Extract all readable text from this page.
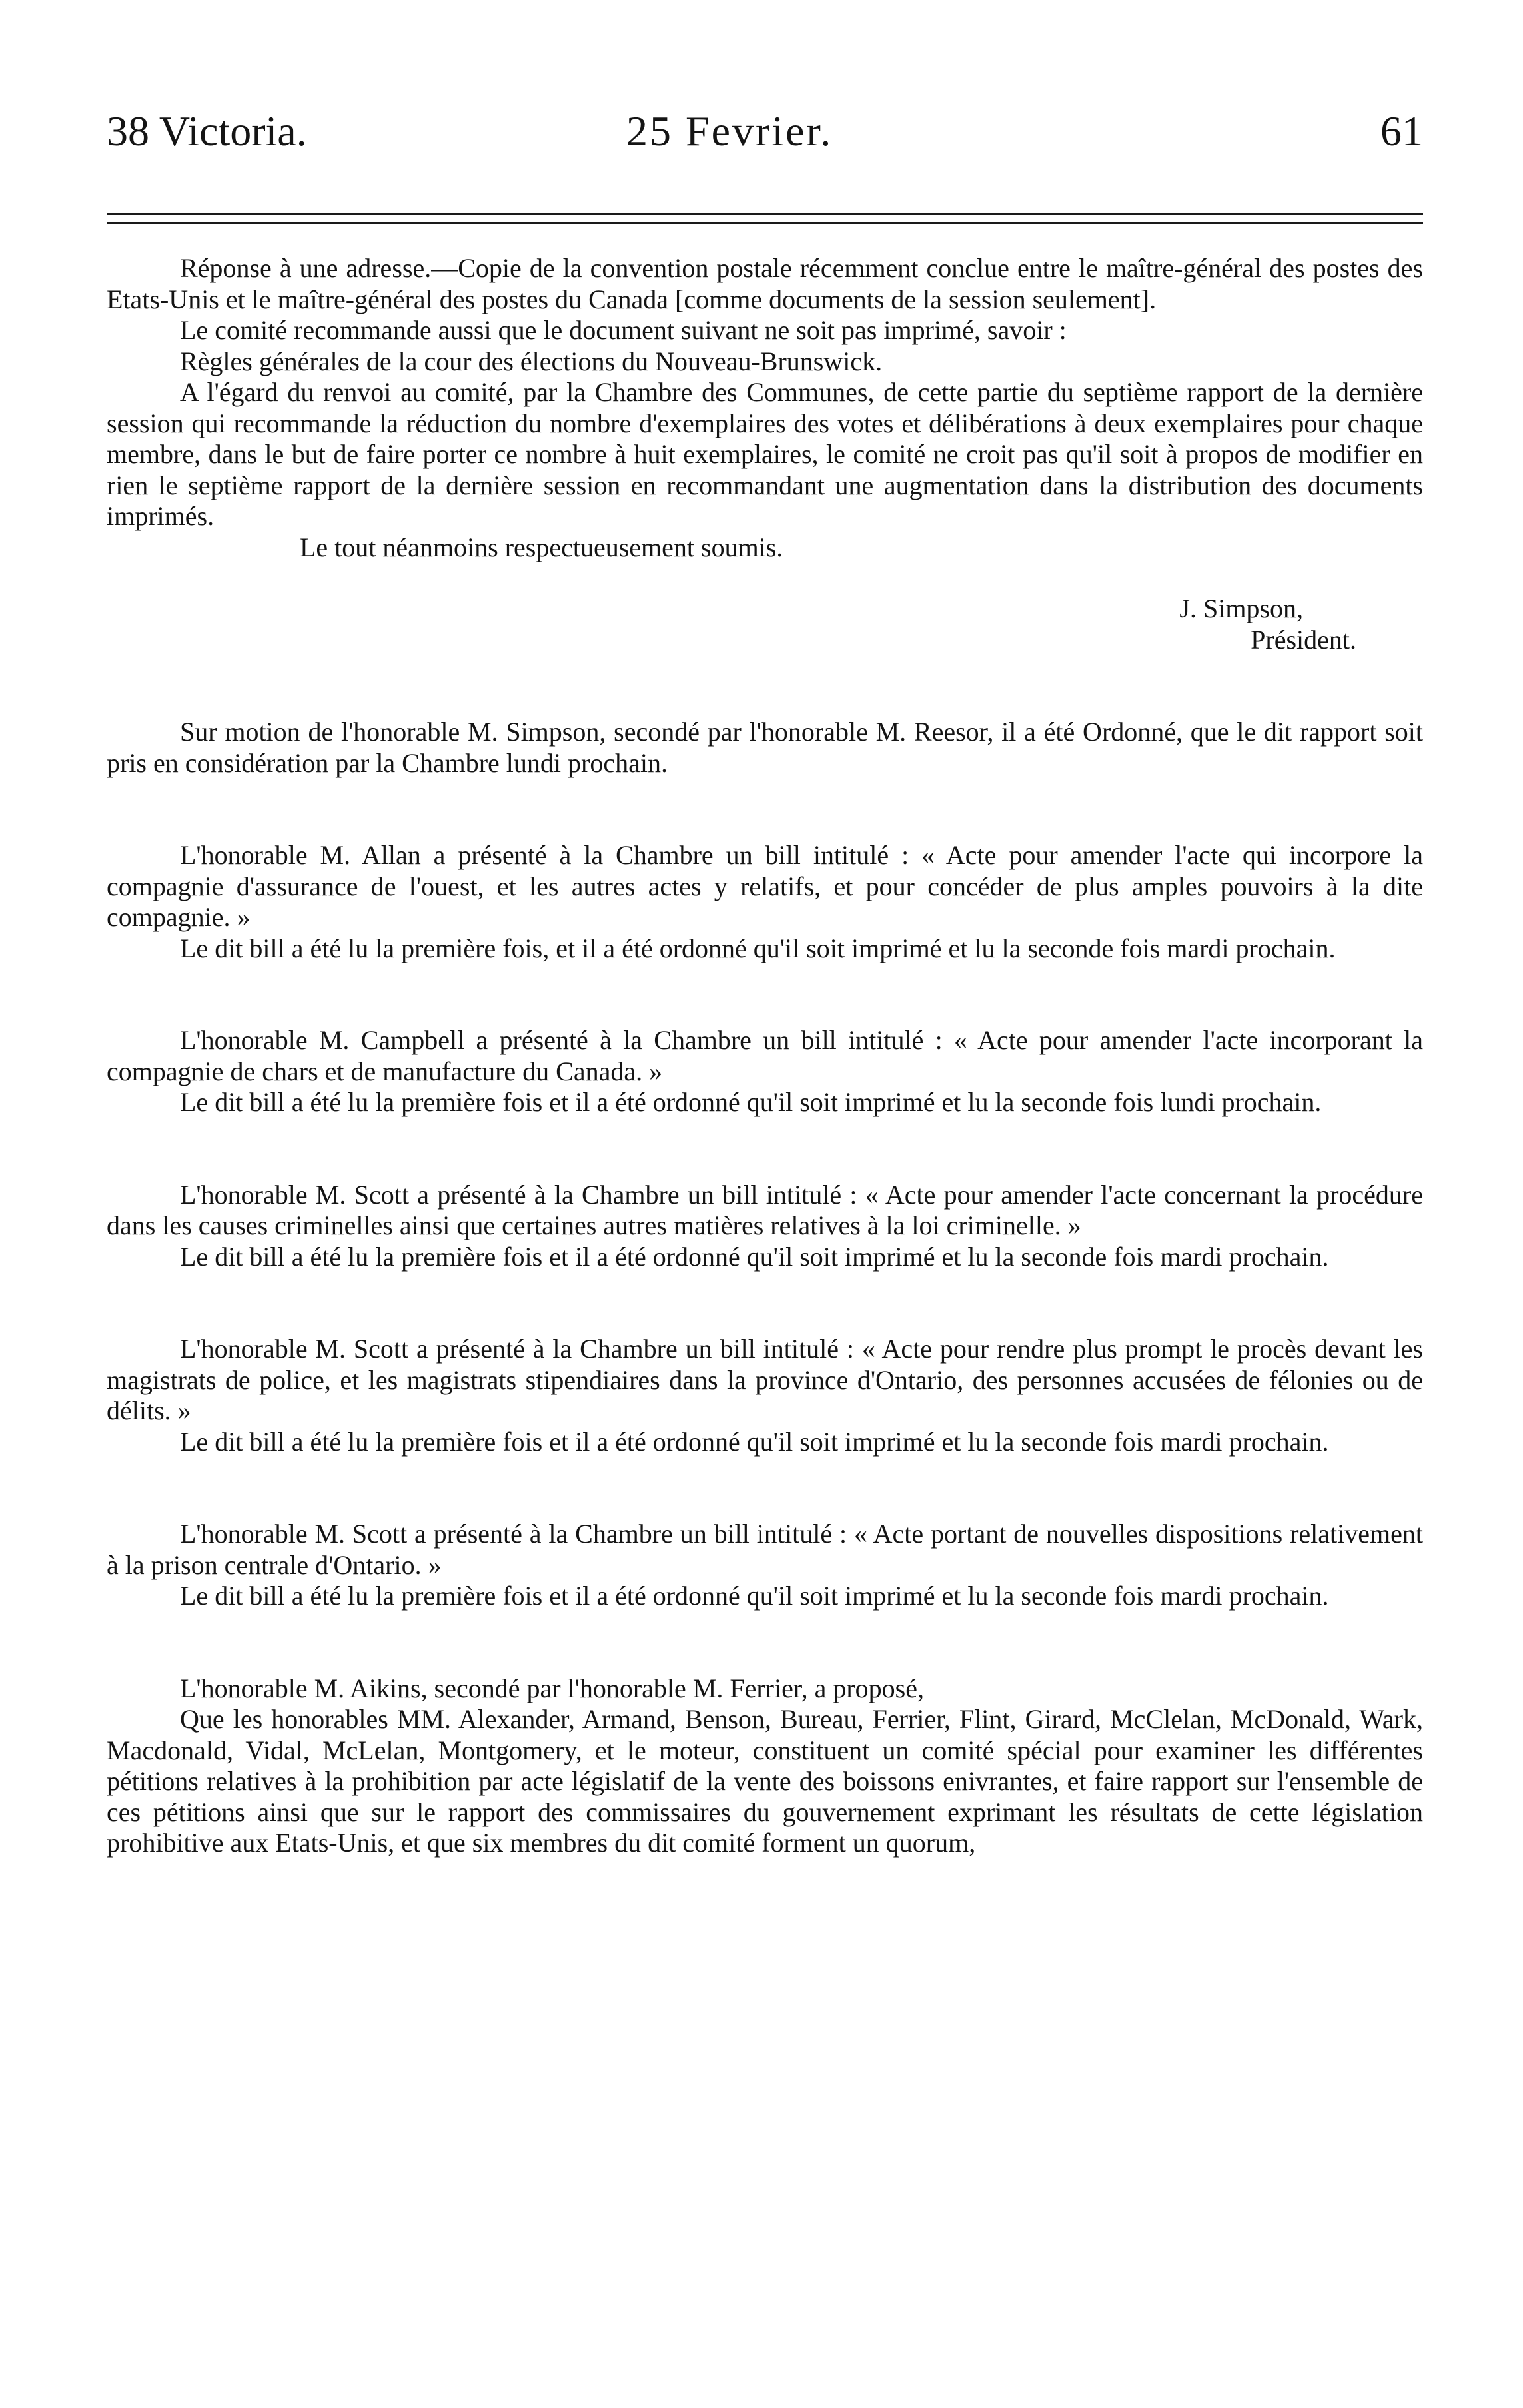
38 Victoria.	25 Fevrier.	61

Réponse à une adresse.—Copie de la convention postale récemment conclue entre le maître-général des postes des Etats-Unis et le maître-général des postes du Canada [comme documents de la session seulement].

Le comité recommande aussi que le document suivant ne soit pas imprimé, savoir :

Règles générales de la cour des élections du Nouveau-Brunswick.

A l'égard du renvoi au comité, par la Chambre des Communes, de cette partie du septième rapport de la dernière session qui recommande la réduction du nombre d'exemplaires des votes et délibérations à deux exemplaires pour chaque membre, dans le but de faire porter ce nombre à huit exemplaires, le comité ne croit pas qu'il soit à propos de modifier en rien le septième rapport de la dernière session en recommandant une augmentation dans la distribution des documents imprimés.

Le tout néanmoins respectueusement soumis.

J. Simpson,

Président.

Sur motion de l'honorable M. Simpson, secondé par l'honorable M. Reesor, il a été Ordonné, que le dit rapport soit pris en considération par la Chambre lundi prochain.

L'honorable M. Allan a présenté à la Chambre un bill intitulé : « Acte pour amender l'acte qui incorpore la compagnie d'assurance de l'ouest, et les autres actes y relatifs, et pour concéder de plus amples pouvoirs à la dite compagnie. »

Le dit bill a été lu la première fois, et il a été ordonné qu'il soit imprimé et lu la seconde fois mardi prochain.

L'honorable M. Campbell a présenté à la Chambre un bill intitulé : « Acte pour amender l'acte incorporant la compagnie de chars et de manufacture du Canada. »

Le dit bill a été lu la première fois et il a été ordonné qu'il soit imprimé et lu la seconde fois lundi prochain.

L'honorable M. Scott a présenté à la Chambre un bill intitulé : « Acte pour amender l'acte concernant la procédure dans les causes criminelles ainsi que certaines autres matières relatives à la loi criminelle. »

Le dit bill a été lu la première fois et il a été ordonné qu'il soit imprimé et lu la seconde fois mardi prochain.

L'honorable M. Scott a présenté à la Chambre un bill intitulé : « Acte pour rendre plus prompt le procès devant les magistrats de police, et les magistrats stipendiaires dans la province d'Ontario, des personnes accusées de félonies ou de délits. »

Le dit bill a été lu la première fois et il a été ordonné qu'il soit imprimé et lu la seconde fois mardi prochain.

L'honorable M. Scott a présenté à la Chambre un bill intitulé : « Acte portant de nouvelles dispositions relativement à la prison centrale d'Ontario. »

Le dit bill a été lu la première fois et il a été ordonné qu'il soit imprimé et lu la seconde fois mardi prochain.

L'honorable M. Aikins, secondé par l'honorable M. Ferrier, a proposé,

Que les honorables MM. Alexander, Armand, Benson, Bureau, Ferrier, Flint, Girard, McClelan, McDonald, Wark, Macdonald, Vidal, McLelan, Montgomery, et le moteur, constituent un comité spécial pour examiner les différentes pétitions relatives à la prohibition par acte législatif de la vente des boissons enivrantes, et faire rapport sur l'ensemble de ces pétitions ainsi que sur le rapport des commissaires du gouvernement exprimant les résultats de cette législation prohibitive aux Etats-Unis, et que six membres du dit comité forment un quorum,
